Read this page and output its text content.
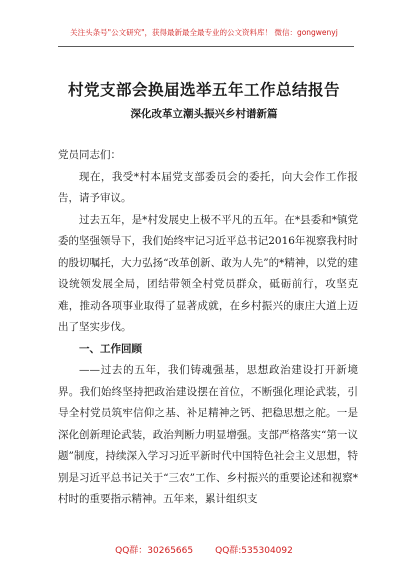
关注头条号"公文研究"，获得最新最全最专业的公文资料库！ 微信：gongwenyj
村党支部会换届选举五年工作总结报告
深化改革立潮头振兴乡村谱新篇

党员同志们：

现在，我受*村本届党支部委员会的委托，向大会作工作报告，请予审议。

过去五年，是*村发展史上极不平凡的五年。在*县委和*镇党委的坚强领导下，我们始终牢记习近平总书记2016年视察我村时的殷切嘱托，大力弘扬“改革创新、敢为人先”的*精神，以党的建设统领发展全局，团结带领全村党员群众，砥砺前行，攻坚克难，推动各项事业取得了显著成就，在乡村振兴的康庄大道上迈出了坚实步伐。

一、工作回顾

——过去的五年，我们铸魂强基，思想政治建设打开新境界。我们始终坚持把政治建设摆在首位，不断强化理论武装，引导全村党员筑牢信仰之基、补足精神之钙、把稳思想之舵。一是深化创新理论武装，政治判断力明显增强。支部严格落实“第一议题”制度，持续深入学习习近平新时代中国特色社会主义思想，特别是习近平总书记关于“三农”工作、乡村振兴的重要论述和视察*村时的重要指示精神。五年来，累计组织支

QQ群：30265665 QQ群:535304092
